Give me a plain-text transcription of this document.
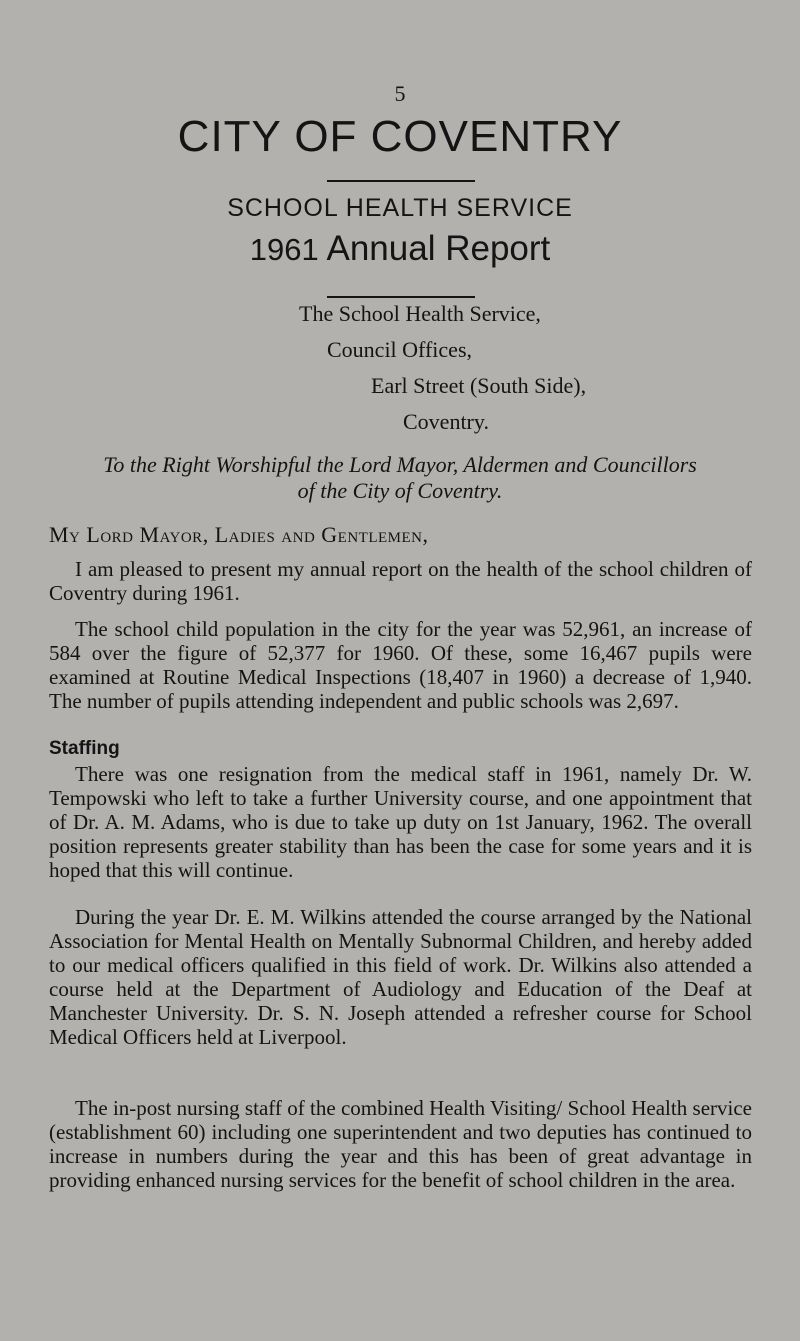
5
CITY OF COVENTRY
SCHOOL HEALTH SERVICE
1961 Annual Report
The School Health Service,
Council Offices,
Earl Street (South Side),
Coventry.
To the Right Worshipful the Lord Mayor, Aldermen and Councillors
of the City of Coventry.
My Lord Mayor, Ladies and Gentlemen,

I am pleased to present my annual report on the health of the school children of Coventry during 1961.

The school child population in the city for the year was 52,961, an increase of 584 over the figure of 52,377 for 1960. Of these, some 16,467 pupils were examined at Routine Medical Inspections (18,407 in 1960) a decrease of 1,940. The number of pupils attending independent and public schools was 2,697.

Staffing

There was one resignation from the medical staff in 1961, namely Dr. W. Tempowski who left to take a further University course, and one appointment that of Dr. A. M. Adams, who is due to take up duty on 1st January, 1962. The overall position represents greater stability than has been the case for some years and it is hoped that this will continue.

During the year Dr. E. M. Wilkins attended the course arranged by the National Association for Mental Health on Mentally Subnormal Children, and hereby added to our medical officers qualified in this field of work. Dr. Wilkins also attended a course held at the Department of Audiology and Education of the Deaf at Manchester University. Dr. S. N. Joseph attended a refresher course for School Medical Officers held at Liverpool.

The in-post nursing staff of the combined Health Visiting/ School Health service (establishment 60) including one superintendent and two deputies has continued to increase in numbers during the year and this has been of great advantage in providing enhanced nursing services for the benefit of school children in the area.
